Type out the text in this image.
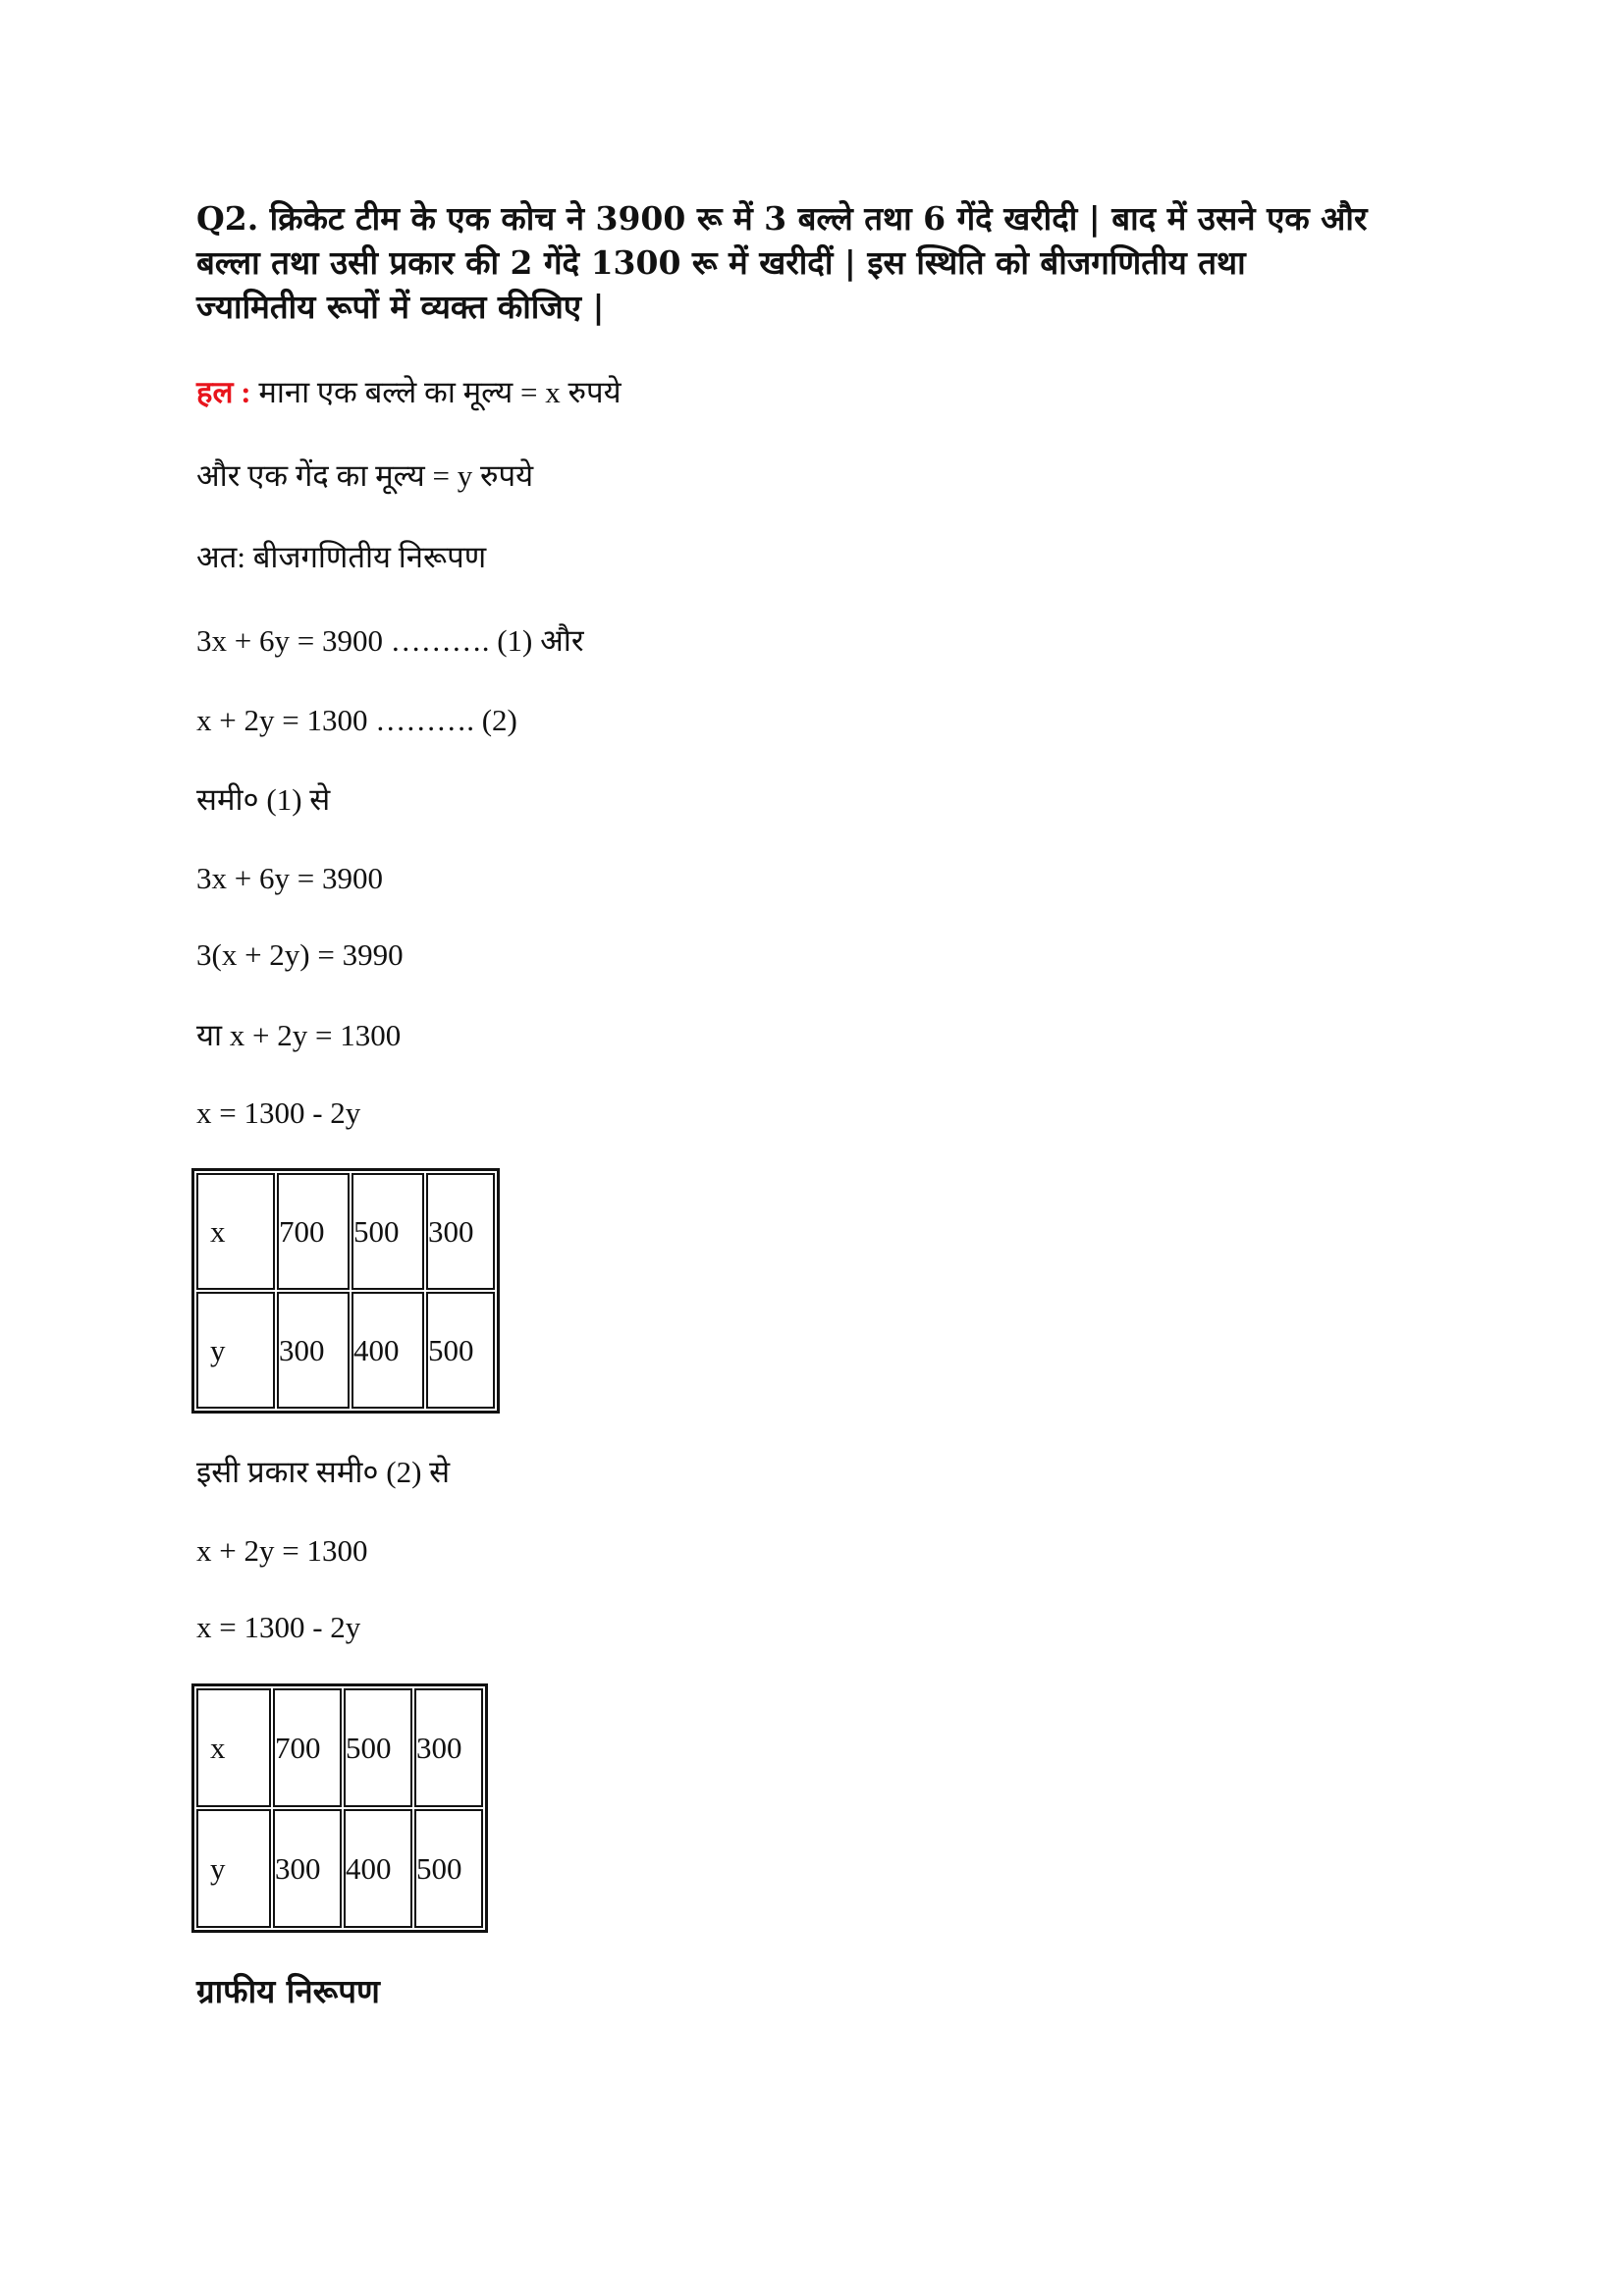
Q2. क्रिकेट टीम के एक कोच ने 3900 रू में 3 बल्ले तथा 6 गेंदे खरीदी | बाद में उसने एक और
बल्ला तथा उसी प्रकार की 2 गेंदे 1300 रू में खरीदीं | इस स्थिति को बीजगणितीय तथा
ज्यामितीय रूपों में व्यक्त कीजिए |
हल : माना एक बल्ले का मूल्य = x रुपये
और एक गेंद का मूल्य = y रुपये
अत: बीजगणितीय निरूपण
3x + 6y = 3900 ………. (1) और
x + 2y = 1300 ………. (2)
समी० (1) से
3x + 6y = 3900
3(x + 2y) = 3990
या x + 2y = 1300
x = 1300 - 2y
x	700	500	300
y	300	400	500
इसी प्रकार समी० (2) से
x + 2y = 1300
x = 1300 - 2y
x	700	500	300
y	300	400	500
ग्राफीय निरूपण
